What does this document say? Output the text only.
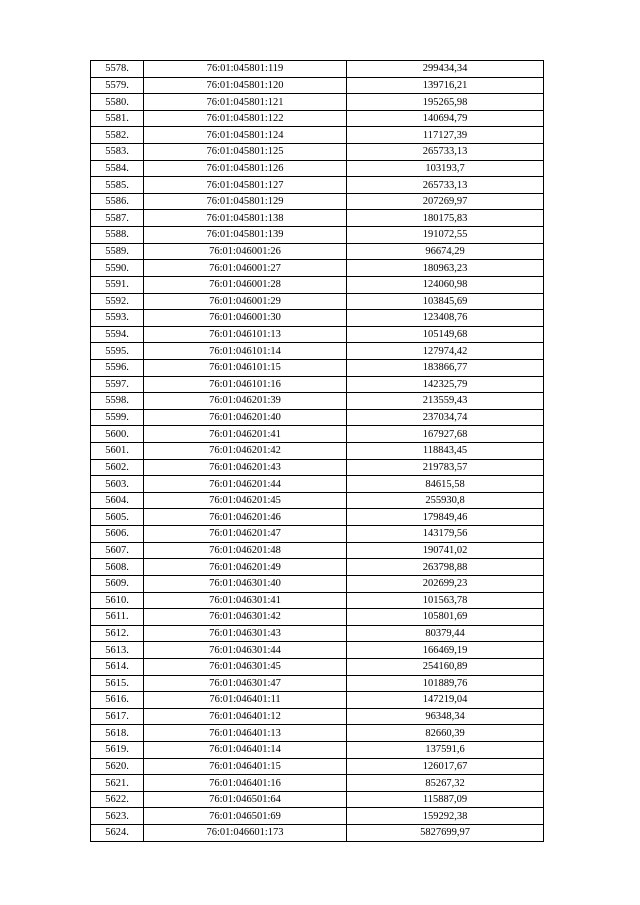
5578.	76:01:045801:119	299434,34
5579.	76:01:045801:120	139716,21
5580.	76:01:045801:121	195265,98
5581.	76:01:045801:122	140694,79
5582.	76:01:045801:124	117127,39
5583.	76:01:045801:125	265733,13
5584.	76:01:045801:126	103193,7
5585.	76:01:045801:127	265733,13
5586.	76:01:045801:129	207269,97
5587.	76:01:045801:138	180175,83
5588.	76:01:045801:139	191072,55
5589.	76:01:046001:26	96674,29
5590.	76:01:046001:27	180963,23
5591.	76:01:046001:28	124060,98
5592.	76:01:046001:29	103845,69
5593.	76:01:046001:30	123408,76
5594.	76:01:046101:13	105149,68
5595.	76:01:046101:14	127974,42
5596.	76:01:046101:15	183866,77
5597.	76:01:046101:16	142325,79
5598.	76:01:046201:39	213559,43
5599.	76:01:046201:40	237034,74
5600.	76:01:046201:41	167927,68
5601.	76:01:046201:42	118843,45
5602.	76:01:046201:43	219783,57
5603.	76:01:046201:44	84615,58
5604.	76:01:046201:45	255930,8
5605.	76:01:046201:46	179849,46
5606.	76:01:046201:47	143179,56
5607.	76:01:046201:48	190741,02
5608.	76:01:046201:49	263798,88
5609.	76:01:046301:40	202699,23
5610.	76:01:046301:41	101563,78
5611.	76:01:046301:42	105801,69
5612.	76:01:046301:43	80379,44
5613.	76:01:046301:44	166469,19
5614.	76:01:046301:45	254160,89
5615.	76:01:046301:47	101889,76
5616.	76:01:046401:11	147219,04
5617.	76:01:046401:12	96348,34
5618.	76:01:046401:13	82660,39
5619.	76:01:046401:14	137591,6
5620.	76:01:046401:15	126017,67
5621.	76:01:046401:16	85267,32
5622.	76:01:046501:64	115887,09
5623.	76:01:046501:69	159292,38
5624.	76:01:046601:173	5827699,97
